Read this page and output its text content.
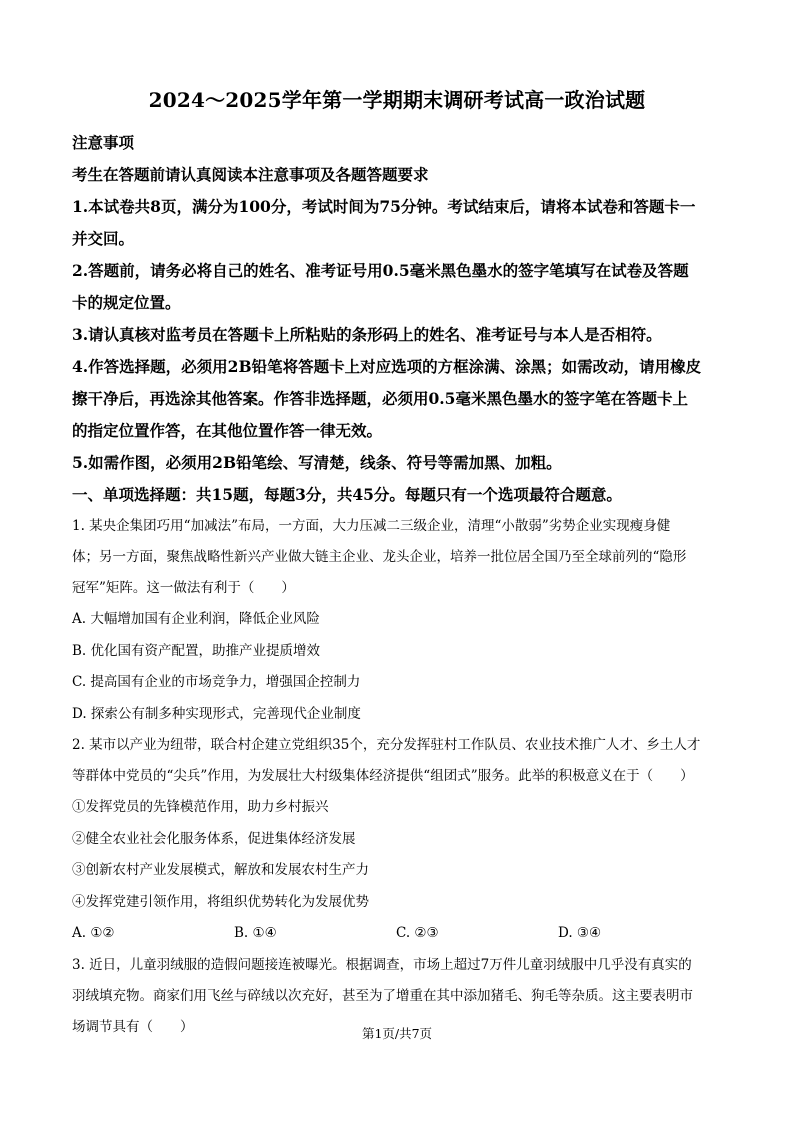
2024～2025学年第一学期期末调研考试高一政治试题
注意事项
考生在答题前请认真阅读本注意事项及各题答题要求
1.本试卷共8页，满分为100分，考试时间为75分钟。考试结束后，请将本试卷和答题卡一
并交回。
2.答题前，请务必将自己的姓名、准考证号用0.5毫米黑色墨水的签字笔填写在试卷及答题
卡的规定位置。
3.请认真核对监考员在答题卡上所粘贴的条形码上的姓名、准考证号与本人是否相符。
4.作答选择题，必须用2B铅笔将答题卡上对应选项的方框涂满、涂黑；如需改动，请用橡皮
擦干净后，再选涂其他答案。作答非选择题，必须用0.5毫米黑色墨水的签字笔在答题卡上
的指定位置作答，在其他位置作答一律无效。
5.如需作图，必须用2B铅笔绘、写清楚，线条、符号等需加黑、加粗。
一、单项选择题：共15题，每题3分，共45分。每题只有一个选项最符合题意。
1. 某央企集团巧用“加减法”布局，一方面，大力压减二三级企业，清理“小散弱”劣势企业实现瘦身健
体；另一方面，聚焦战略性新兴产业做大链主企业、龙头企业，培养一批位居全国乃至全球前列的“隐形
冠军”矩阵。这一做法有利于（　　）
A. 大幅增加国有企业利润，降低企业风险
B. 优化国有资产配置，助推产业提质增效
C. 提高国有企业的市场竞争力，增强国企控制力
D. 探索公有制多种实现形式，完善现代企业制度
2. 某市以产业为纽带，联合村企建立党组织35个，充分发挥驻村工作队员、农业技术推广人才、乡土人才
等群体中党员的“尖兵”作用，为发展壮大村级集体经济提供“组团式”服务。此举的积极意义在于（　　）
①发挥党员的先锋模范作用，助力乡村振兴
②健全农业社会化服务体系，促进集体经济发展
③创新农村产业发展模式，解放和发展农村生产力
④发挥党建引领作用，将组织优势转化为发展优势
A. ①②	B. ①④	C. ②③	D. ③④
3. 近日，儿童羽绒服的造假问题接连被曝光。根据调查，市场上超过7万件儿童羽绒服中几乎没有真实的
羽绒填充物。商家们用飞丝与碎绒以次充好，甚至为了增重在其中添加猪毛、狗毛等杂质。这主要表明市
场调节具有（　　）	第1页/共7页
